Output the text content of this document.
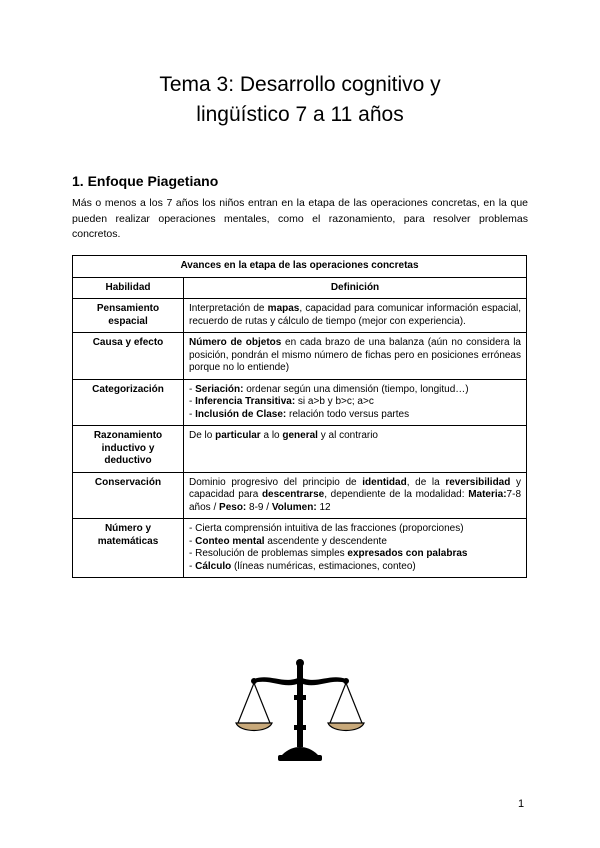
Tema 3: Desarrollo cognitivo y
lingüístico 7 a 11 años
1. Enfoque Piagetiano

Más o menos a los 7 años los niños entran en la etapa de las operaciones concretas, en la que pueden realizar operaciones mentales, como el razonamiento, para resolver problemas concretos.

Avances en la etapa de las operaciones concretas	
Habilidad	Definición
Pensamiento espacial	Interpretación de mapas, capacidad para comunicar información espacial, recuerdo de rutas y cálculo de tiempo (mejor con experiencia).
Causa y efecto	Número de objetos en cada brazo de una balanza (aún no considera la posición, pondrán el mismo número de fichas pero en posiciones erróneas porque no lo entiende)
Categorización	- Seriación: ordenar según una dimensión (tiempo, longitud…)
- Inferencia Transitiva: si a>b y b>c; a>c
- Inclusión de Clase: relación todo versus partes

Razonamiento inductivo y deductivo	De lo particular a lo general y al contrario
Conservación	Dominio progresivo del principio de identidad, de la reversibilidad y capacidad para descentrarse, dependiente de la modalidad: Materia:7-8 años / Peso: 8-9 / Volumen: 12
Número y matemáticas	- Cierta comprensión intuitiva de las fracciones (proporciones)
- Conteo mental ascendente y descendente
- Resolución de problemas simples expresados con palabras
- Cálculo (líneas numéricas, estimaciones, conteo)
1
